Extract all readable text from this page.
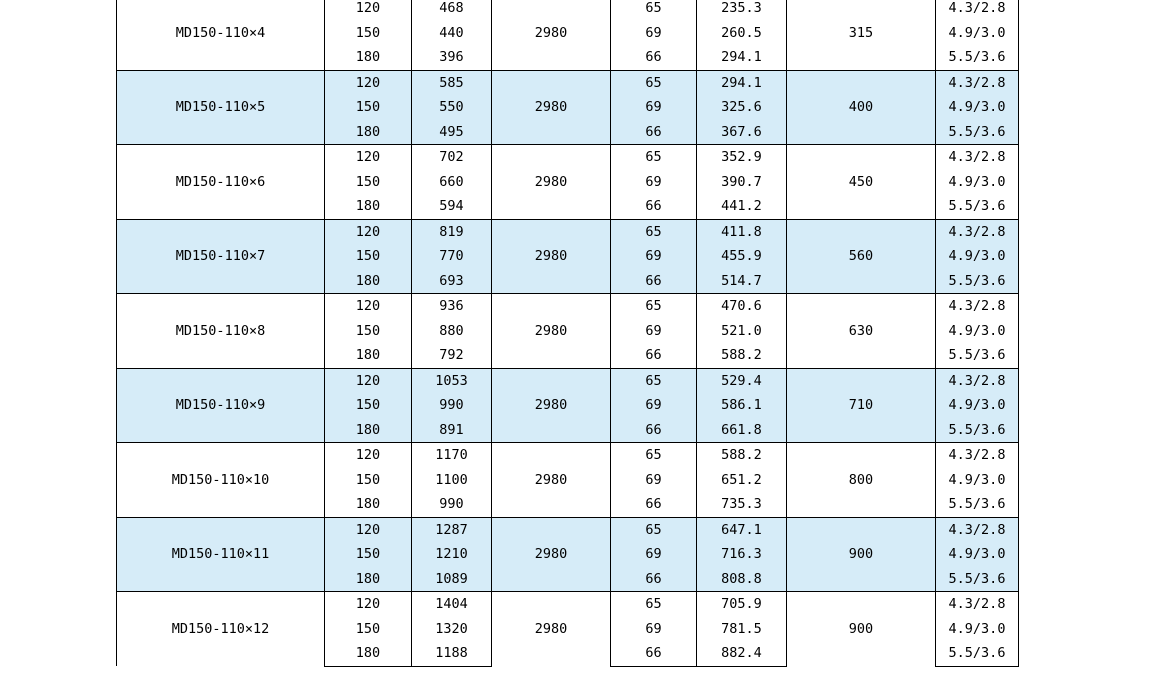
MD150-110×4	120	468	2980	65	235.3	315	4.3/2.8
	150	440		69	260.5		4.9/3.0
	180	396		66	294.1		5.5/3.6
MD150-110×5	120	585	2980	65	294.1	400	4.3/2.8
	150	550		69	325.6		4.9/3.0
	180	495		66	367.6		5.5/3.6
MD150-110×6	120	702	2980	65	352.9	450	4.3/2.8
	150	660		69	390.7		4.9/3.0
	180	594		66	441.2		5.5/3.6
MD150-110×7	120	819	2980	65	411.8	560	4.3/2.8
	150	770		69	455.9		4.9/3.0
	180	693		66	514.7		5.5/3.6
MD150-110×8	120	936	2980	65	470.6	630	4.3/2.8
	150	880		69	521.0		4.9/3.0
	180	792		66	588.2		5.5/3.6
MD150-110×9	120	1053	2980	65	529.4	710	4.3/2.8
	150	990		69	586.1		4.9/3.0
	180	891		66	661.8		5.5/3.6
MD150-110×10	120	1170	2980	65	588.2	800	4.3/2.8
	150	1100		69	651.2		4.9/3.0
	180	990		66	735.3		5.5/3.6
MD150-110×11	120	1287	2980	65	647.1	900	4.3/2.8
	150	1210		69	716.3		4.9/3.0
	180	1089		66	808.8		5.5/3.6
MD150-110×12	120	1404	2980	65	705.9	900	4.3/2.8
	150	1320		69	781.5		4.9/3.0
	180	1188		66	882.4		5.5/3.6
